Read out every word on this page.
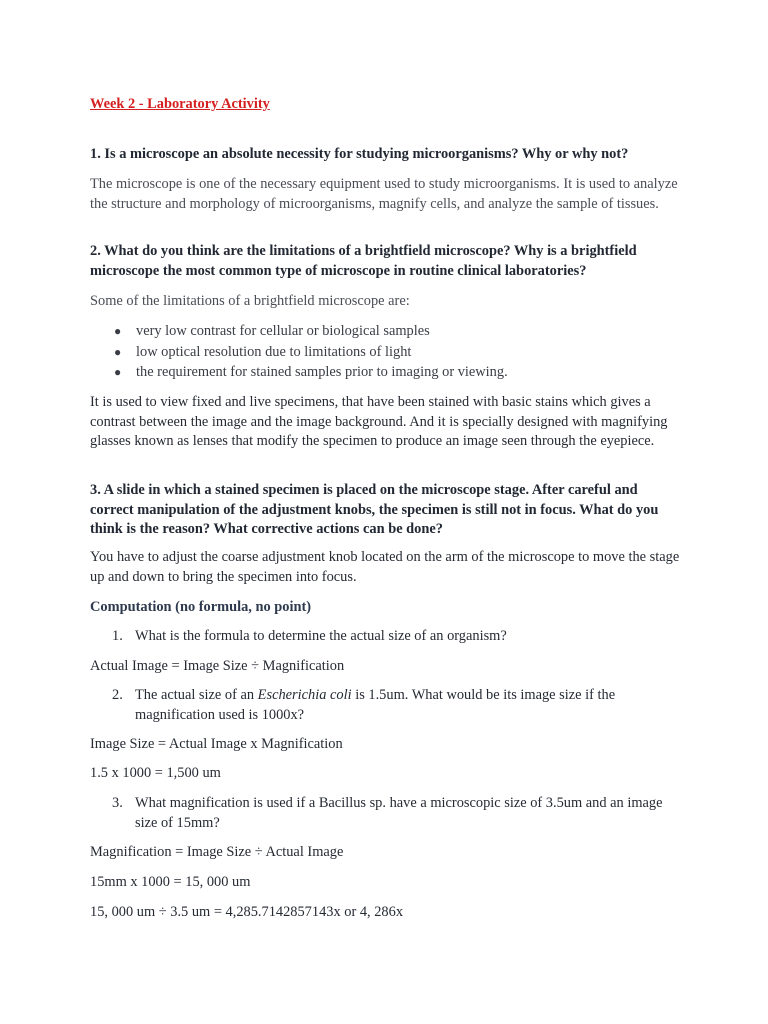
Week 2 - Laboratory Activity
1. Is a microscope an absolute necessity for studying microorganisms? Why or why not?
The microscope is one of the necessary equipment used to study microorganisms. It is used to analyze the structure and morphology of microorganisms, magnify cells, and analyze the sample of tissues.
2. What do you think are the limitations of a brightfield microscope? Why is a brightfield microscope the most common type of microscope in routine clinical laboratories?
Some of the limitations of a brightfield microscope are:
● very low contrast for cellular or biological samples
● low optical resolution due to limitations of light
● the requirement for stained samples prior to imaging or viewing.
It is used to view fixed and live specimens, that have been stained with basic stains which gives a contrast between the image and the image background. And it is specially designed with magnifying glasses known as lenses that modify the specimen to produce an image seen through the eyepiece.
3. A slide in which a stained specimen is placed on the microscope stage. After careful and correct manipulation of the adjustment knobs, the specimen is still not in focus. What do you think is the reason? What corrective actions can be done?
You have to adjust the coarse adjustment knob located on the arm of the microscope to move the stage up and down to bring the specimen into focus.
Computation (no formula, no point)
1. What is the formula to determine the actual size of an organism?
Actual Image = Image Size ÷ Magnification
2. The actual size of an Escherichia coli is 1.5um. What would be its image size if the magnification used is 1000x?
Image Size = Actual Image x Magnification
1.5 x 1000 = 1,500 um
3. What magnification is used if a Bacillus sp. have a microscopic size of 3.5um and an image size of 15mm?
Magnification = Image Size ÷ Actual Image
15mm x 1000 = 15, 000 um
15, 000 um ÷ 3.5 um = 4,285.7142857143x or 4, 286x
